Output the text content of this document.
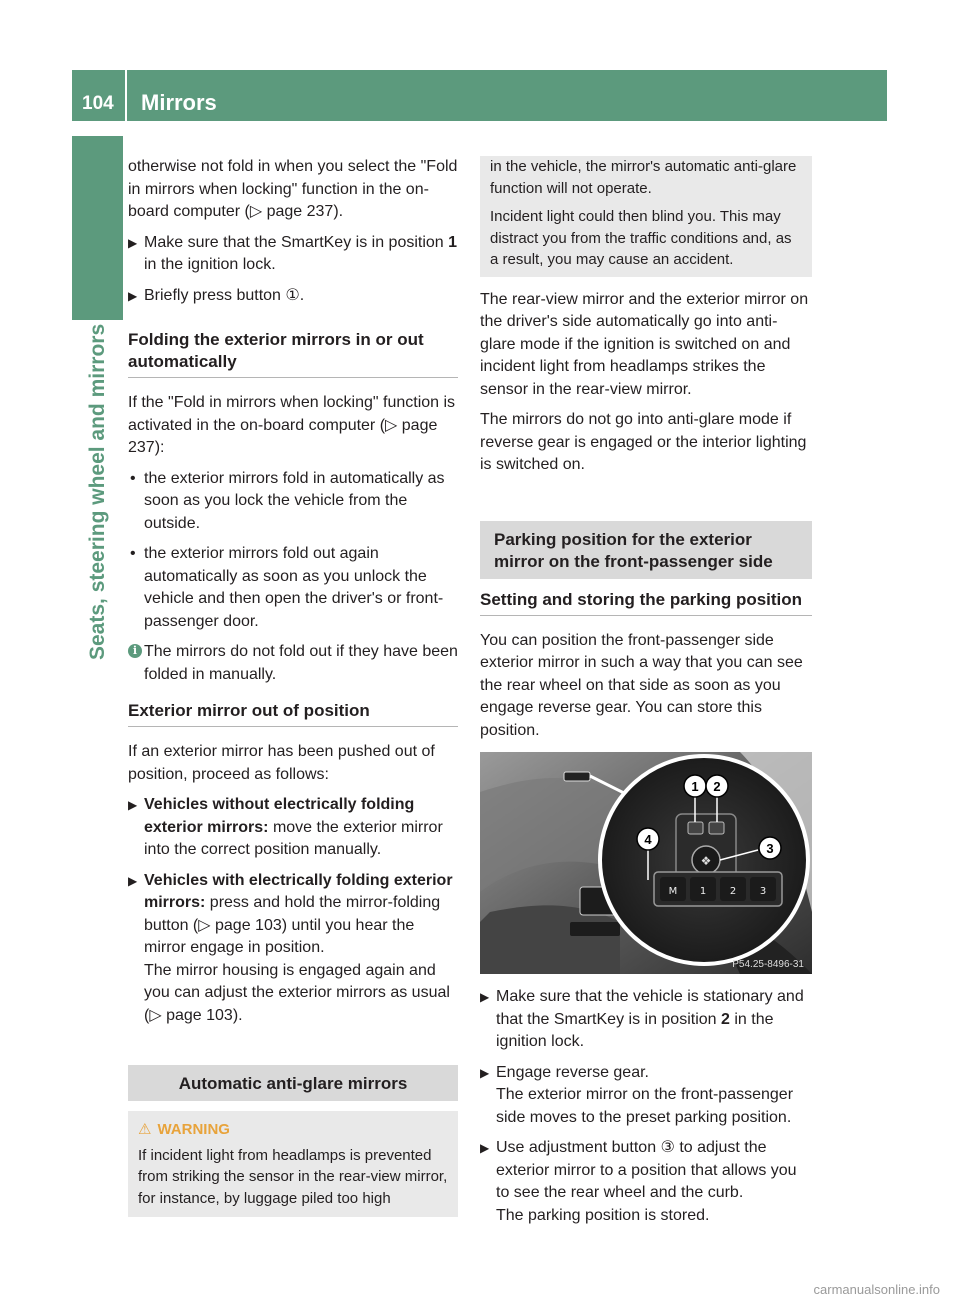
104 Mirrors
Seats, steering wheel and mirrors

otherwise not fold in when you select the "Fold in mirrors when locking" function in the on-board computer (▷ page 237).

▶ Make sure that the SmartKey is in position 1 in the ignition lock.
▶ Briefly press button ①.
Folding the exterior mirrors in or out automatically

If the "Fold in mirrors when locking" function is activated in the on-board computer (▷ page 237):

• the exterior mirrors fold in automatically as soon as you lock the vehicle from the outside.
• the exterior mirrors fold out again automatically as soon as you unlock the vehicle and then open the driver's or front-passenger door.
i The mirrors do not fold out if they have been folded in manually.
Exterior mirror out of position

If an exterior mirror has been pushed out of position, proceed as follows:

▶ Vehicles without electrically folding exterior mirrors: move the exterior mirror into the correct position manually.
▶ Vehicles with electrically folding exterior mirrors: press and hold the mirror-folding button (▷ page 103) until you hear the mirror engage in position.
The mirror housing is engaged again and you can adjust the exterior mirrors as usual (▷ page 103).
Automatic anti-glare mirrors
⚠ WARNING
If incident light from headlamps is prevented from striking the sensor in the rear-view mirror, for instance, by luggage piled too high

in the vehicle, the mirror's automatic anti-glare function will not operate.

Incident light could then blind you. This may distract you from the traffic conditions and, as a result, you may cause an accident.

The rear-view mirror and the exterior mirror on the driver's side automatically go into anti-glare mode if the ignition is switched on and incident light from headlamps strikes the sensor in the rear-view mirror.

The mirrors do not go into anti-glare mode if reverse gear is engaged or the interior lighting is switched on.

Parking position for the exterior mirror on the front-passenger side
Setting and storing the parking position

You can position the front-passenger side exterior mirror in such a way that you can see the rear wheel on that side as soon as you engage reverse gear. You can store this position.

❖
M 1 2 3
1 2
3
4
P54.25-8496-31
▶ Make sure that the vehicle is stationary and that the SmartKey is in position 2 in the ignition lock.
▶ Engage reverse gear.
The exterior mirror on the front-passenger side moves to the preset parking position.
▶ Use adjustment button ③ to adjust the exterior mirror to a position that allows you to see the rear wheel and the curb.
The parking position is stored.
carmanualsonline.info
